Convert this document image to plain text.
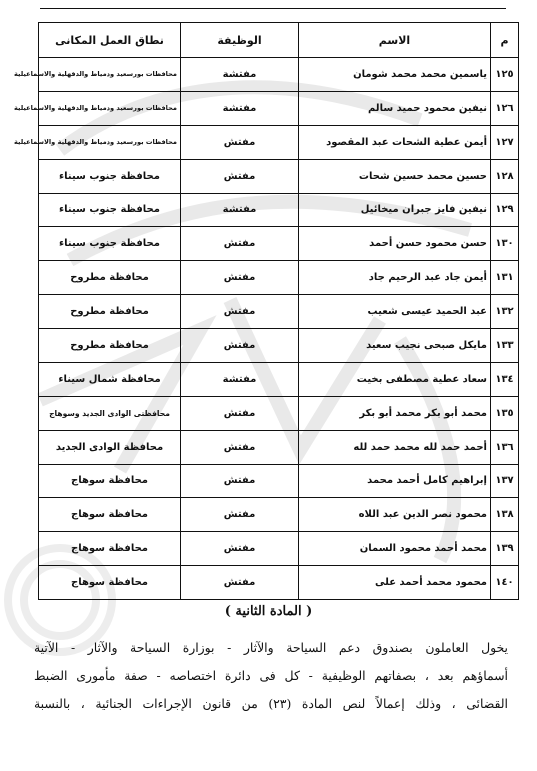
م	الاسم	الوظيفة	نطاق العمل المكانى
١٢٥	ياسمين محمد محمد شومان	مفتشة	محافظات بورسعيد ودمياط والدقهلية والاسماعيلية
١٢٦	نيفين محمود حميد سالم	مفتشة	محافظات بورسعيد ودمياط والدقهلية والاسماعيلية
١٢٧	أيمن عطية الشحات عبد المقصود	مفتش	محافظات بورسعيد ودمياط والدقهلية والاسماعيلية
١٢٨	حسين محمد حسين شحات	مفتش	محافظة جنوب سيناء
١٢٩	نيفين فايز جبران ميخائيل	مفتشة	محافظة جنوب سيناء
١٣٠	حسن محمود حسن أحمد	مفتش	محافظة جنوب سيناء
١٣١	أيمن جاد عبد الرحيم جاد	مفتش	محافظة مطروح
١٣٢	عبد الحميد عيسى شعيب	مفتش	محافظة مطروح
١٣٣	مايكل صبحى نجيب سعيد	مفتش	محافظة مطروح
١٣٤	سعاد عطية مصطفى بخيت	مفتشة	محافظة شمال سيناء
١٣٥	محمد أبو بكر محمد أبو بكر	مفتش	محافظتى الوادى الجديد وسوهاج
١٣٦	أحمد حمد لله محمد حمد لله	مفتش	محافظة الوادى الجديد
١٣٧	إبراهيم كامل أحمد محمد	مفتش	محافظة سوهاج
١٣٨	محمود نصر الدين عبد اللاه	مفتش	محافظة سوهاج
١٣٩	محمد أحمد محمود السمان	مفتش	محافظة سوهاج
١٤٠	محمود محمد أحمد على	مفتش	محافظة سوهاج
( المادة الثانية )

يخول العاملون بصندوق دعم السياحة والآثار - بوزارة السياحة والآثار - الآتية

أسماؤهم بعد ، بصفاتهم الوظيفية - كل فى دائرة اختصاصه - صفة مأمورى الضبط

القضائى ، وذلك إعمالاً لنص المادة (٢٣) من قانون الإجراءات الجنائية ، بالنسبة
